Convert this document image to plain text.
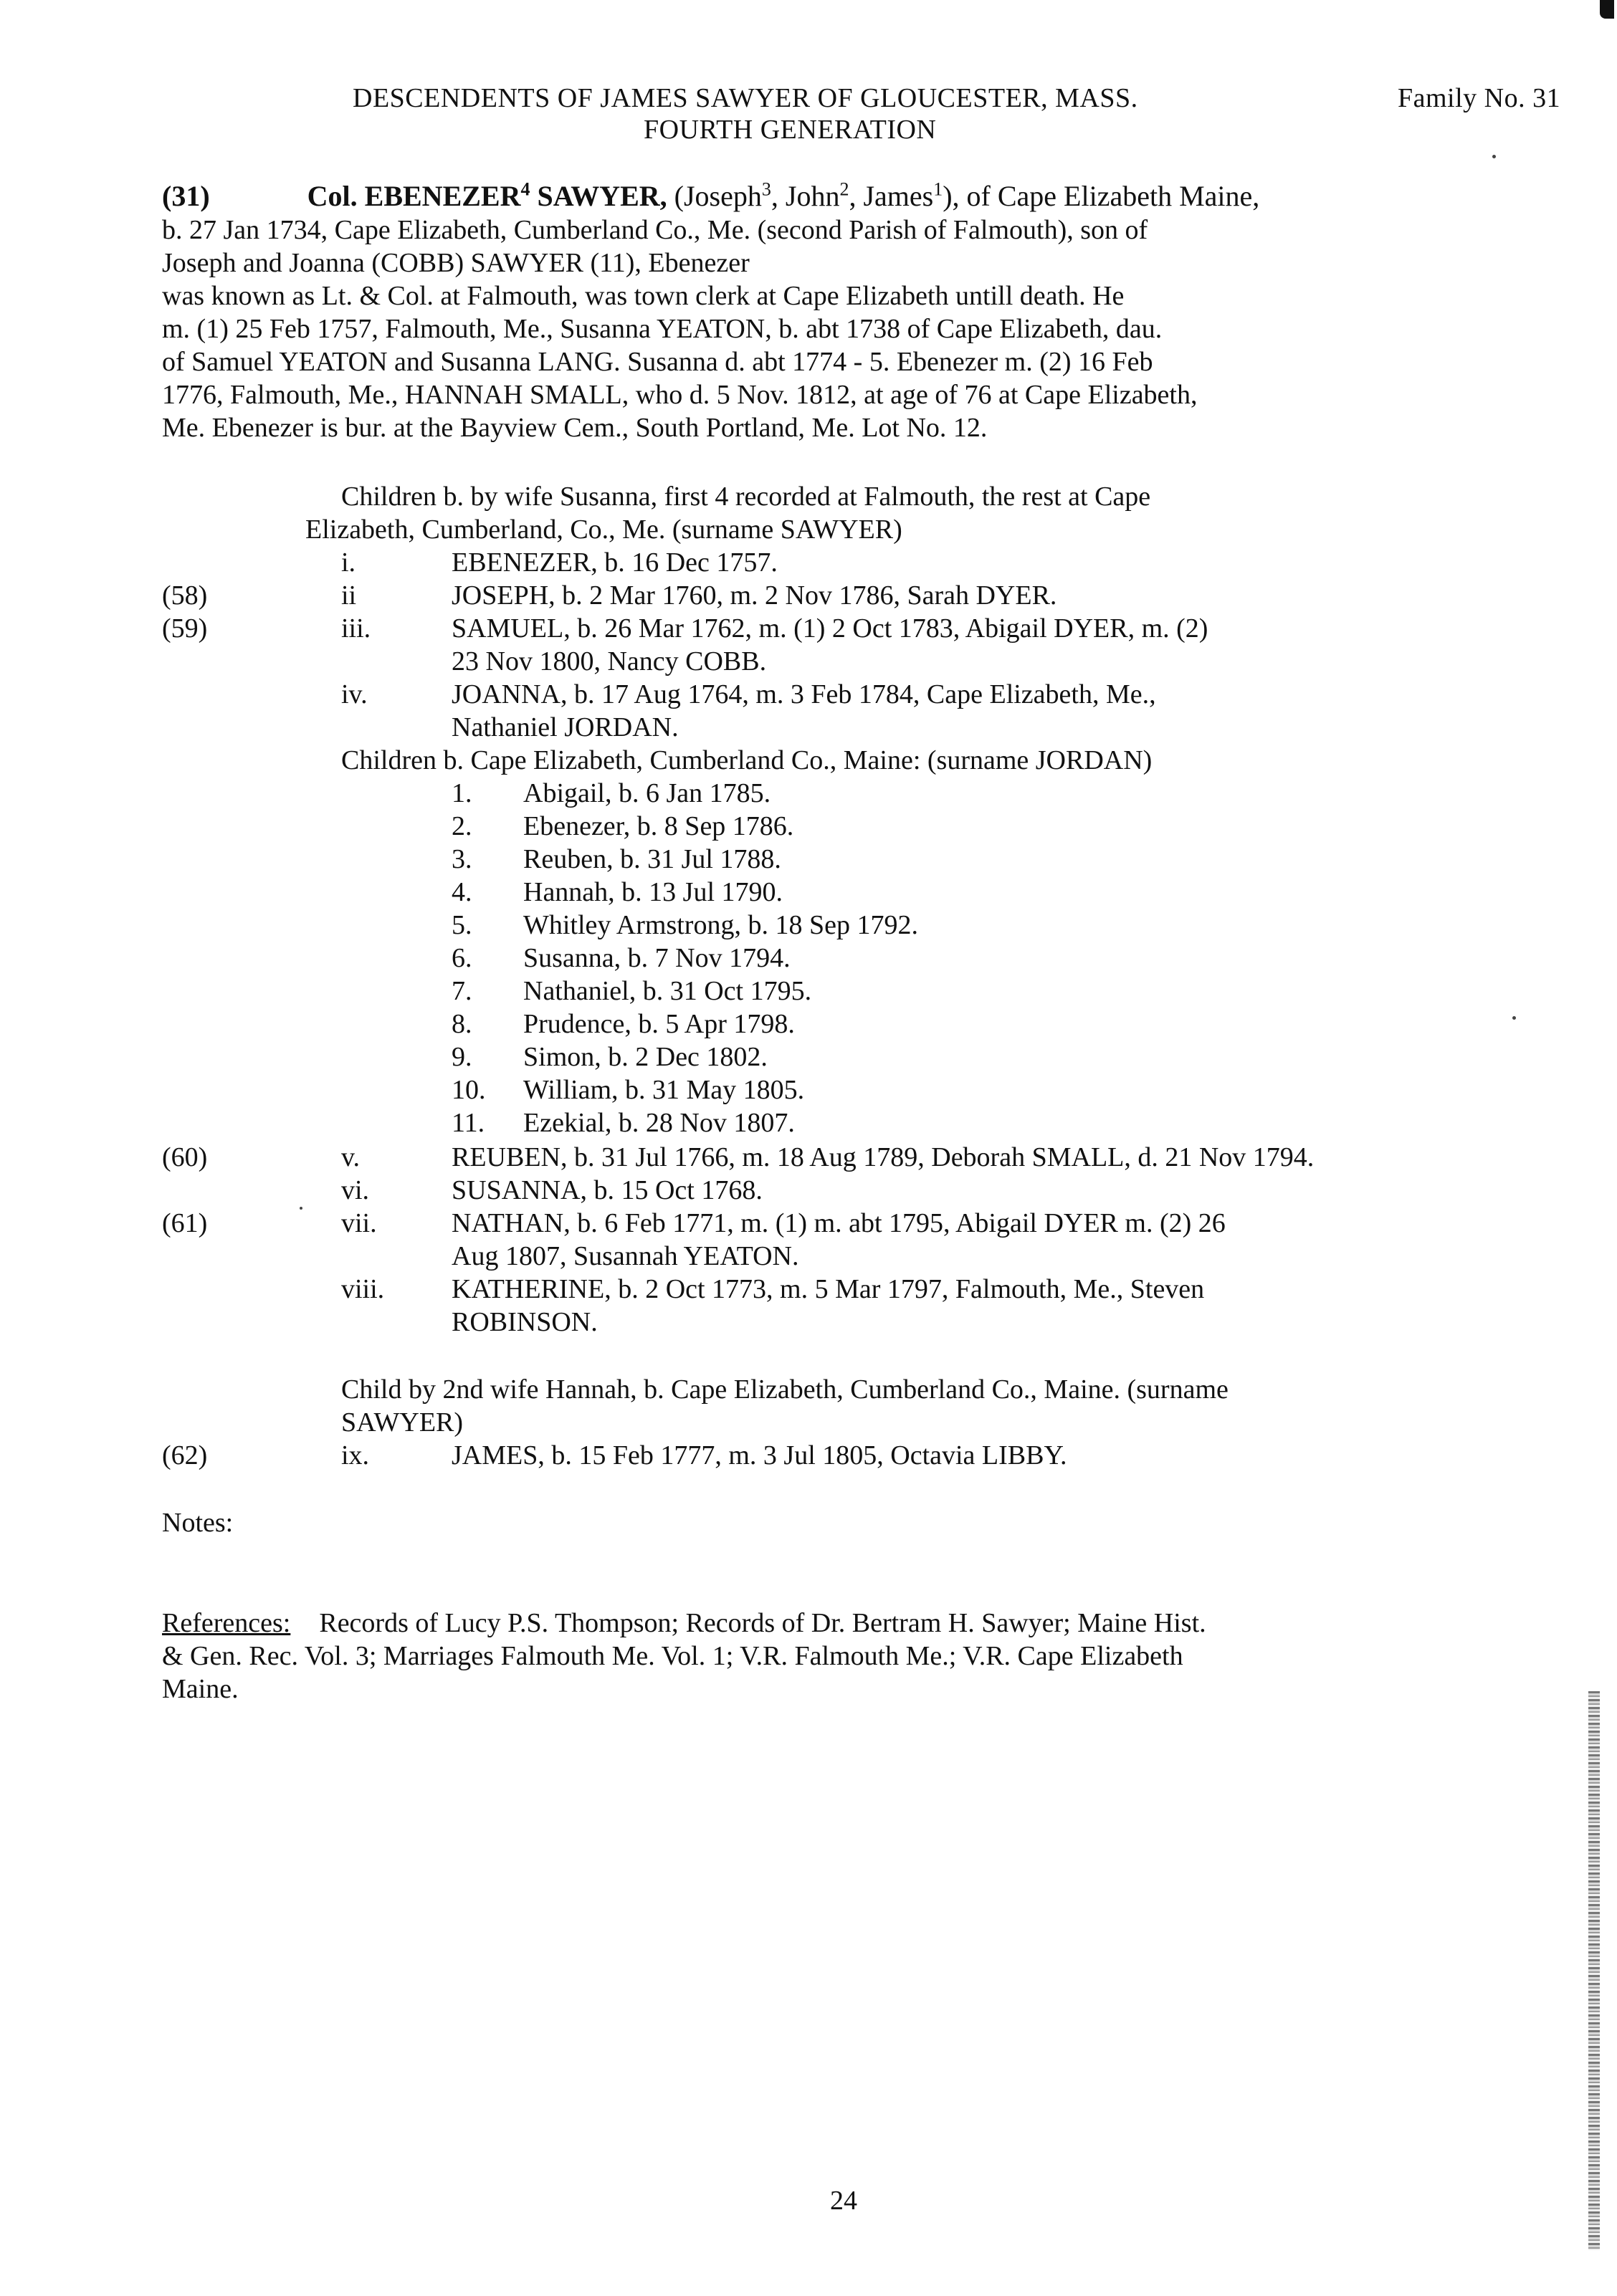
DESCENDENTS OF JAMES SAWYER OF GLOUCESTER, MASS.	Family No. 31
FOURTH GENERATION
(31)	Col. EBENEZER$^4$ SAWYER, (Joseph$^3$, John$^2$, James$^1$), of Cape Elizabeth Maine,
b. 27 Jan 1734, Cape Elizabeth, Cumberland Co., Me. (second Parish of Falmouth), son of
Joseph and Joanna (COBB) SAWYER (11), Ebenezer
was known as Lt. & Col. at Falmouth, was town clerk at Cape Elizabeth untill death. He
m. (1) 25 Feb 1757, Falmouth, Me., Susanna YEATON, b. abt 1738 of Cape Elizabeth, dau.
of Samuel YEATON and Susanna LANG. Susanna d. abt 1774 - 5. Ebenezer m. (2) 16 Feb
1776, Falmouth, Me., HANNAH SMALL, who d. 5 Nov. 1812, at age of 76 at Cape Elizabeth,
Me. Ebenezer is bur. at the Bayview Cem., South Portland, Me. Lot No. 12.
Children b. by wife Susanna, first 4 recorded at Falmouth, the rest at Cape
Elizabeth, Cumberland, Co., Me. (surname SAWYER)
i.	EBENEZER, b. 16 Dec 1757.
(58)	ii	JOSEPH, b. 2 Mar 1760, m. 2 Nov 1786, Sarah DYER.
(59)	iii.	SAMUEL, b. 26 Mar 1762, m. (1) 2 Oct 1783, Abigail DYER, m. (2)
23 Nov 1800, Nancy COBB.
iv.	JOANNA, b. 17 Aug 1764, m. 3 Feb 1784, Cape Elizabeth, Me.,
Nathaniel JORDAN.
Children b. Cape Elizabeth, Cumberland Co., Maine: (surname JORDAN)
1. Abigail, b. 6 Jan 1785.
2. Ebenezer, b. 8 Sep 1786.
3. Reuben, b. 31 Jul 1788.
4. Hannah, b. 13 Jul 1790.
5. Whitley Armstrong, b. 18 Sep 1792.
6. Susanna, b. 7 Nov 1794.
7. Nathaniel, b. 31 Oct 1795.
8. Prudence, b. 5 Apr 1798.
9. Simon, b. 2 Dec 1802.
10. William, b. 31 May 1805.
11. Ezekial, b. 28 Nov 1807.
(60)	v.	REUBEN, b. 31 Jul 1766, m. 18 Aug 1789, Deborah SMALL, d. 21 Nov 1794.
vi.	SUSANNA, b. 15 Oct 1768.
(61)	vii.	NATHAN, b. 6 Feb 1771, m. (1) m. abt 1795, Abigail DYER m. (2) 26
Aug 1807, Susannah YEATON.
viii. KATHERINE, b. 2 Oct 1773, m. 5 Mar 1797, Falmouth, Me., Steven
ROBINSON.
Child by 2nd wife Hannah, b. Cape Elizabeth, Cumberland Co., Maine. (surname
SAWYER)
(62)	ix.	JAMES, b. 15 Feb 1777, m. 3 Jul 1805, Octavia LIBBY.
Notes:
References: Records of Lucy P.S. Thompson; Records of Dr. Bertram H. Sawyer; Maine Hist.
& Gen. Rec. Vol. 3; Marriages Falmouth Me. Vol. 1; V.R. Falmouth Me.; V.R. Cape Elizabeth
Maine.
24
